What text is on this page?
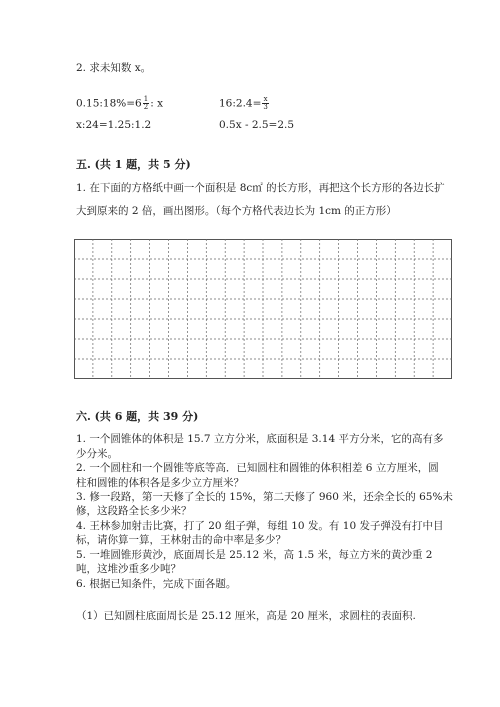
2. 求未知数 x。
0.15:18%=6 $\frac{1}{2}$ : x	16:2.4= $\frac{x}{3}$
x:24=1.25:1.2	0.5x - 2.5=2.5
五. (共 1 题，共 5 分)
1. 在下面的方格纸中画一个面积是 8c㎡ 的长方形，再把这个长方形的各边长扩
大到原来的 2 倍，画出图形。（每个方格代表边长为 1cm 的正方形）
六. (共 6 题，共 39 分)
1. 一个圆锥体的体积是 15.7 立方分米，底面积是 3.14 平方分米，它的高有多
少分米。
2. 一个圆柱和一个圆锥等底等高．已知圆柱和圆锥的体积相差 6 立方厘米，圆
柱和圆锥的体积各是多少立方厘米？
3. 修一段路，第一天修了全长的 15%，第二天修了 960 米，还余全长的 65%未
修，这段路全长多少米？
4. 王林参加射击比赛，打了 20 组子弹，每组 10 发。有 10 发子弹没有打中目
标，请你算一算，王林射击的命中率是多少？
5. 一堆圆锥形黄沙，底面周长是 25.12 米，高 1.5 米，每立方米的黄沙重 2
吨，这堆沙重多少吨？
6. 根据已知条件，完成下面各题。
（1）已知圆柱底面周长是 25.12 厘米，高是 20 厘米，求圆柱的表面积.
